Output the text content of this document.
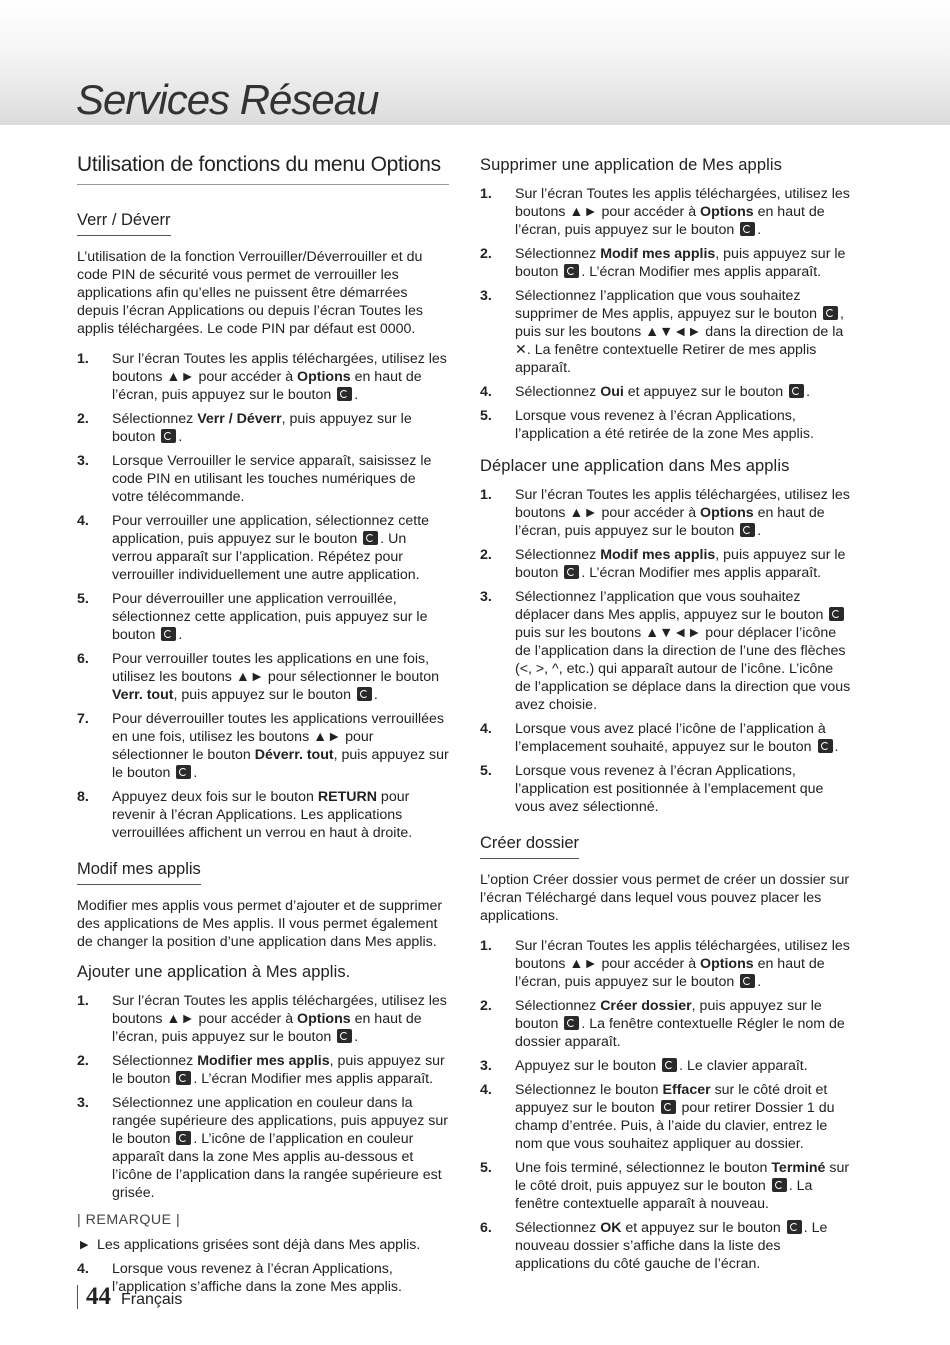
Services Réseau
Utilisation de fonctions du menu Options
Verr / Déverr

L’utilisation de la fonction Verrouiller/Déverrouiller et du code PIN de sécurité vous permet de verrouiller les applications afin qu’elles ne puissent être démarrées depuis l’écran Applications ou depuis l’écran Toutes les applis téléchargées. Le code PIN par défaut est 0000.

1. Sur l’écran Toutes les applis téléchargées, utilisez les boutons ▲► pour accéder à Options en haut de l’écran, puis appuyez sur le bouton .
2. Sélectionnez Verr / Déverr, puis appuyez sur le bouton .
3. Lorsque Verrouiller le service apparaît, saisissez le code PIN en utilisant les touches numériques de votre télécommande.
4. Pour verrouiller une application, sélectionnez cette application, puis appuyez sur le bouton . Un verrou apparaît sur l’application. Répétez pour verrouiller individuellement une autre application.
5. Pour déverrouiller une application verrouillée, sélectionnez cette application, puis appuyez sur le bouton .
6. Pour verrouiller toutes les applications en une fois, utilisez les boutons ▲► pour sélectionner le bouton Verr. tout, puis appuyez sur le bouton .
7. Pour déverrouiller toutes les applications verrouillées en une fois, utilisez les boutons ▲► pour sélectionner le bouton Déverr. tout, puis appuyez sur le bouton .
8. Appuyez deux fois sur le bouton RETURN pour revenir à l’écran Applications. Les applications verrouillées affichent un verrou en haut à droite.
Modif mes applis

Modifier mes applis vous permet d’ajouter et de supprimer des applications de Mes applis. Il vous permet également de changer la position d’une application dans Mes applis.

Ajouter une application à Mes applis.
1. Sur l’écran Toutes les applis téléchargées, utilisez les boutons ▲► pour accéder à Options en haut de l’écran, puis appuyez sur le bouton .
2. Sélectionnez Modifier mes applis, puis appuyez sur le bouton . L’écran Modifier mes applis apparaît.
3. Sélectionnez une application en couleur dans la rangée supérieure des applications, puis appuyez sur le bouton . L’icône de l’application en couleur apparaît dans la zone Mes applis au-dessous et l’icône de l’application dans la rangée supérieure est grisée.
| REMARQUE |
▶ Les applications grisées sont déjà dans Mes applis.
4. Lorsque vous revenez à l’écran Applications, l’application s’affiche dans la zone Mes applis.
Supprimer une application de Mes applis
1. Sur l’écran Toutes les applis téléchargées, utilisez les boutons ▲► pour accéder à Options en haut de l’écran, puis appuyez sur le bouton .
2. Sélectionnez Modif mes applis, puis appuyez sur le bouton . L’écran Modifier mes applis apparaît.
3. Sélectionnez l’application que vous souhaitez supprimer de Mes applis, appuyez sur le bouton , puis sur les boutons ▲▼◄► dans la direction de la ✕. La fenêtre contextuelle Retirer de mes applis apparaît.
4. Sélectionnez Oui et appuyez sur le bouton .
5. Lorsque vous revenez à l’écran Applications, l’application a été retirée de la zone Mes applis.
Déplacer une application dans Mes applis
1. Sur l’écran Toutes les applis téléchargées, utilisez les boutons ▲► pour accéder à Options en haut de l’écran, puis appuyez sur le bouton .
2. Sélectionnez Modif mes applis, puis appuyez sur le bouton . L’écran Modifier mes applis apparaît.
3. Sélectionnez l’application que vous souhaitez déplacer dans Mes applis, appuyez sur le bouton  puis sur les boutons ▲▼◄► pour déplacer l’icône de l’application dans la direction de l’une des flèches (<, >, ^, etc.) qui apparaît autour de l’icône. L’icône de l’application se déplace dans la direction que vous avez choisie.
4. Lorsque vous avez placé l’icône de l’application à l’emplacement souhaité, appuyez sur le bouton .
5. Lorsque vous revenez à l’écran Applications, l’application est positionnée à l’emplacement que vous avez sélectionné.
Créer dossier

L’option Créer dossier vous permet de créer un dossier sur l’écran Téléchargé dans lequel vous pouvez placer les applications.

1. Sur l’écran Toutes les applis téléchargées, utilisez les boutons ▲► pour accéder à Options en haut de l’écran, puis appuyez sur le bouton .
2. Sélectionnez Créer dossier, puis appuyez sur le bouton . La fenêtre contextuelle Régler le nom de dossier apparaît.
3. Appuyez sur le bouton . Le clavier apparaît.
4. Sélectionnez le bouton Effacer sur le côté droit et appuyez sur le bouton  pour retirer Dossier 1 du champ d’entrée. Puis, à l’aide du clavier, entrez le nom que vous souhaitez appliquer au dossier.
5. Une fois terminé, sélectionnez le bouton Terminé sur le côté droit, puis appuyez sur le bouton . La fenêtre contextuelle apparaît à nouveau.
6. Sélectionnez OK et appuyez sur le bouton . Le nouveau dossier s’affiche dans la liste des applications du côté gauche de l’écran.
44 Français
